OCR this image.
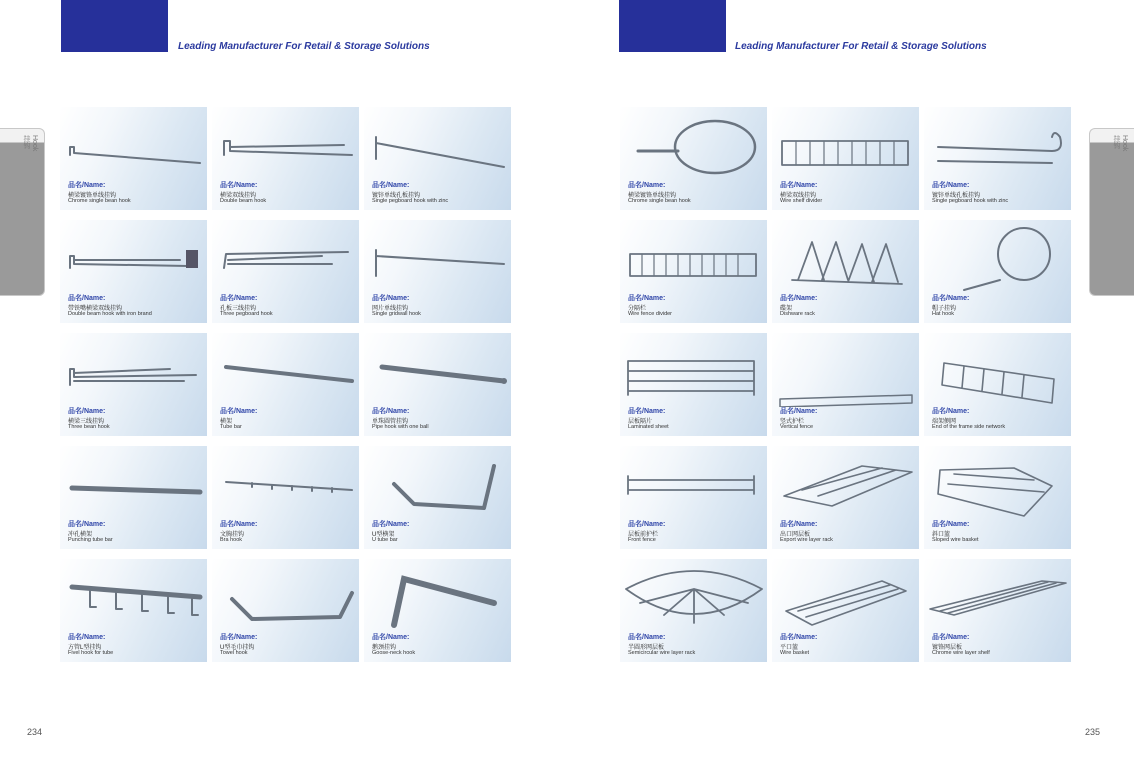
Leading Manufacturer For Retail & Storage Solutions
Hook
挂钩
234
品名/Name:
横梁镀铬单线挂钩
Chrome single bean hook
品名/Name:
横梁双线挂钩
Double beam hook
品名/Name:
镀锌单线孔板挂钩
Single pegboard hook with zinc
品名/Name:
带铁嘴横梁双线挂钩
Double beam hook with iron brand
品名/Name:
孔板三线挂钩
Three pegboard hook
品名/Name:
网片单线挂钩
Single gridwall hook
品名/Name:
横梁三线挂钩
Three bean hook
品名/Name:
横架
Tube bar
品名/Name:
单珠圆管挂钩
Pipe hook with one ball
品名/Name:
冲孔横架
Punching tube bar
品名/Name:
文胸挂钩
Bra hook
品名/Name:
U型横架
U tube bar
品名/Name:
方管L型挂钩
Fivel hook for tube
品名/Name:
U型毛巾挂钩
Towel hook
品名/Name:
鹅颈挂钩
Goose-neck hook
Leading Manufacturer For Retail & Storage Solutions
Hook
挂钩
235
品名/Name:
横梁镀铬单线挂钩
Chrome single bean hook
品名/Name:
横梁双线挂钩
Wire shelf divider
品名/Name:
镀锌单线孔板挂钩
Single pegboard hook with zinc
品名/Name:
分隔栏
Wire fence divider
品名/Name:
碟架
Dishware rack
品名/Name:
帽子挂钩
Hat hook
品名/Name:
层板隔片
Laminated sheet
品名/Name:
竖式护栏
Vertical fence
品名/Name:
端架侧网
End of the frame side network
品名/Name:
层板前护栏
Front fence
品名/Name:
出口网层板
Export wire layer rack
品名/Name:
斜口篮
Sloped wire basket
品名/Name:
半圆形网层板
Semicircular wire layer rack
品名/Name:
平口篮
Wire basket
品名/Name:
镀铬网层板
Chrome wire layer shelf
